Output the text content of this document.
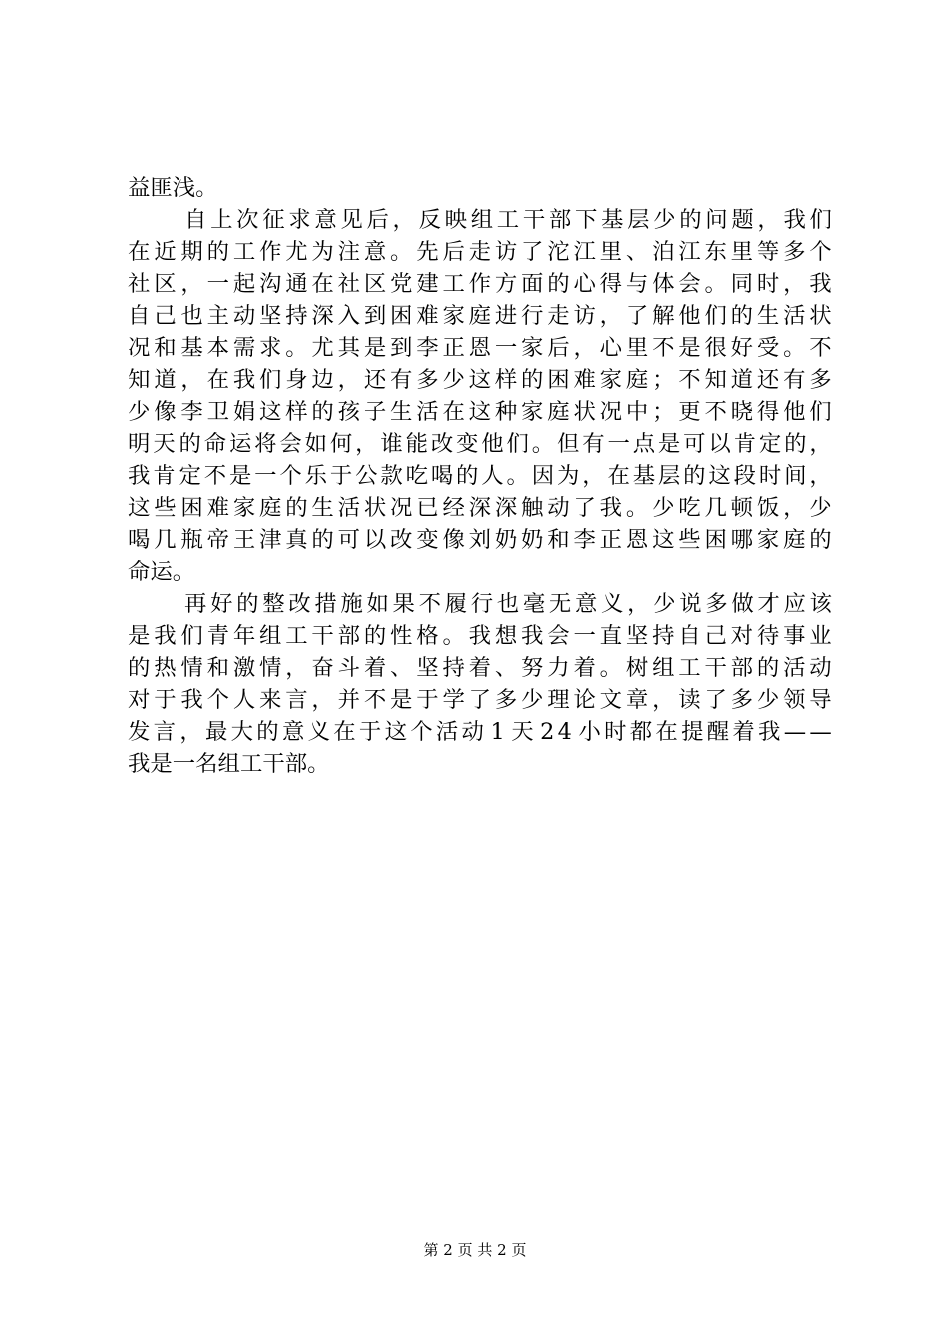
益匪浅。
自 上 次 征 求 意 见 后 ， 反 映 组 工 干 部 下 基 层 少 的 问 题 ， 我 们
在 近 期 的 工 作 尤 为 注 意 。 先 后 走 访 了 沱 江 里 、 泊 江 东 里 等 多 个
社 区 ， 一 起 沟 通 在 社 区 党 建 工 作 方 面 的 心 得 与 体 会 。 同 时 ， 我
自 己 也 主 动 坚 持 深 入 到 困 难 家 庭 进 行 走 访 ， 了 解 他 们 的 生 活 状
况 和 基 本 需 求 。 尤 其 是 到 李 正 恩 一 家 后 ， 心 里 不 是 很 好 受 。 不
知 道 ， 在 我 们 身 边 ， 还 有 多 少 这 样 的 困 难 家 庭 ； 不 知 道 还 有 多
少 像 李 卫 娟 这 样 的 孩 子 生 活 在 这 种 家 庭 状 况 中 ； 更 不 晓 得 他 们
明 天 的 命 运 将 会 如 何 ， 谁 能 改 变 他 们 。 但 有 一 点 是 可 以 肯 定 的 ，
我 肯 定 不 是 一 个 乐 于 公 款 吃 喝 的 人 。 因 为 ， 在 基 层 的 这 段 时 间 ，
这 些 困 难 家 庭 的 生 活 状 况 已 经 深 深 触 动 了 我 。 少 吃 几 顿 饭 ， 少
喝 几 瓶 帝 王 津 真 的 可 以 改 变 像 刘 奶 奶 和 李 正 恩 这 些 困 哪 家 庭 的
命运。
再 好 的 整 改 措 施 如 果 不 履 行 也 毫 无 意 义 ， 少 说 多 做 才 应 该
是 我 们 青 年 组 工 干 部 的 性 格 。 我 想 我 会 一 直 坚 持 自 己 对 待 事 业
的 热 情 和 激 情 ， 奋 斗 着 、 坚 持 着 、 努 力 着 。 树 组 工 干 部 的 活 动
对 于 我 个 人 来 言 ， 并 不 是 于 学 了 多 少 理 论 文 章 ， 读 了 多 少 领 导
发 言 ， 最 大 的 意 义 在 于 这 个 活 动 1 天 2 4 小 时 都 在 提 醒 着 我 — —
我是一名组工干部。
第 2 页 共 2 页
